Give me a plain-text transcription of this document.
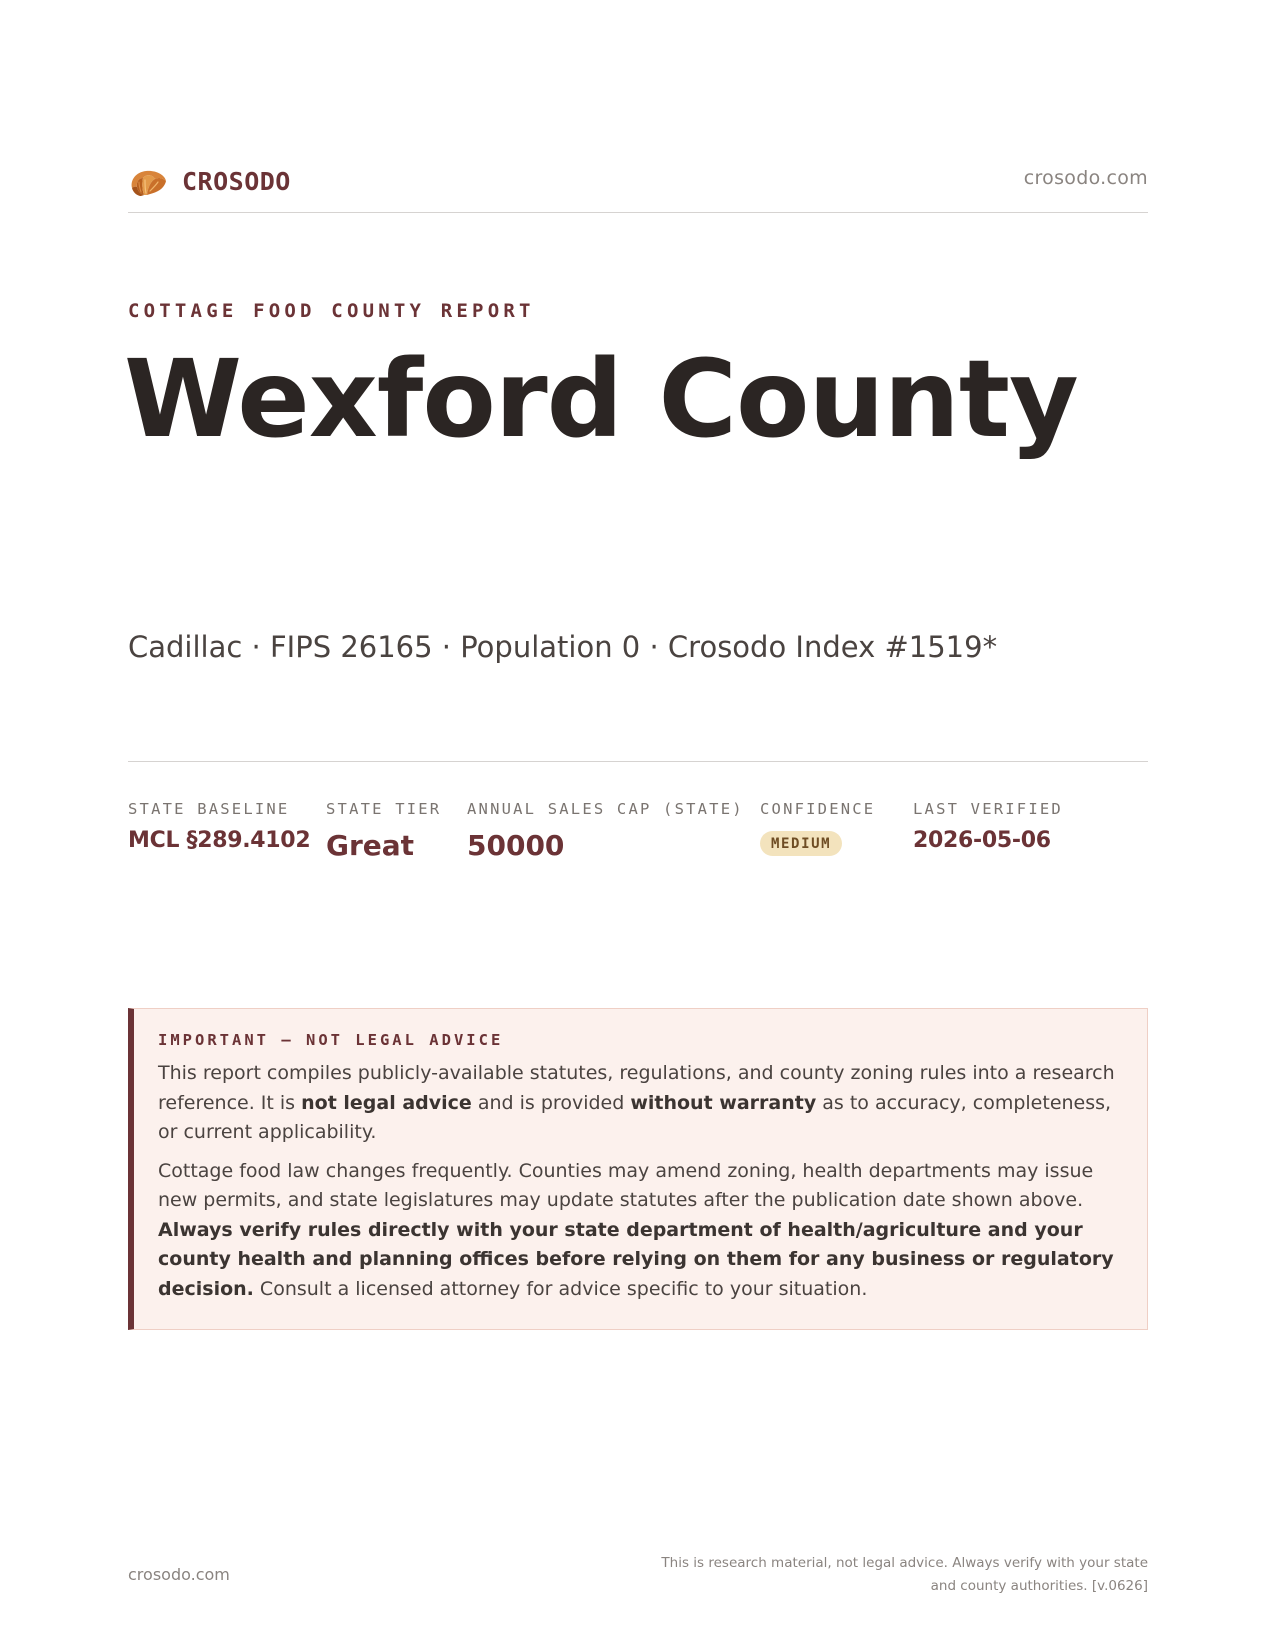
CROSODO	crosodo.com
COTTAGE FOOD COUNTY REPORT
Wexford County
Cadillac · FIPS 26165 · Population 0 · Crosodo Index #1519*
STATE BASELINE
MCL §289.4102
STATE TIER
Great
ANNUAL SALES CAP (STATE)
50000
CONFIDENCE
MEDIUM
LAST VERIFIED
2026-05-06
IMPORTANT — NOT LEGAL ADVICE

This report compiles publicly-available statutes, regulations, and county zoning rules into a research reference. It is not legal advice and is provided without warranty as to accuracy, completeness, or current applicability.

Cottage food law changes frequently. Counties may amend zoning, health departments may issue new permits, and state legislatures may update statutes after the publication date shown above. Always verify rules directly with your state department of health/agriculture and your county health and planning offices before relying on them for any business or regulatory decision. Consult a licensed attorney for advice specific to your situation.

crosodo.com
This is research material, not legal advice. Always verify with your state
and county authorities. [v.0626]
